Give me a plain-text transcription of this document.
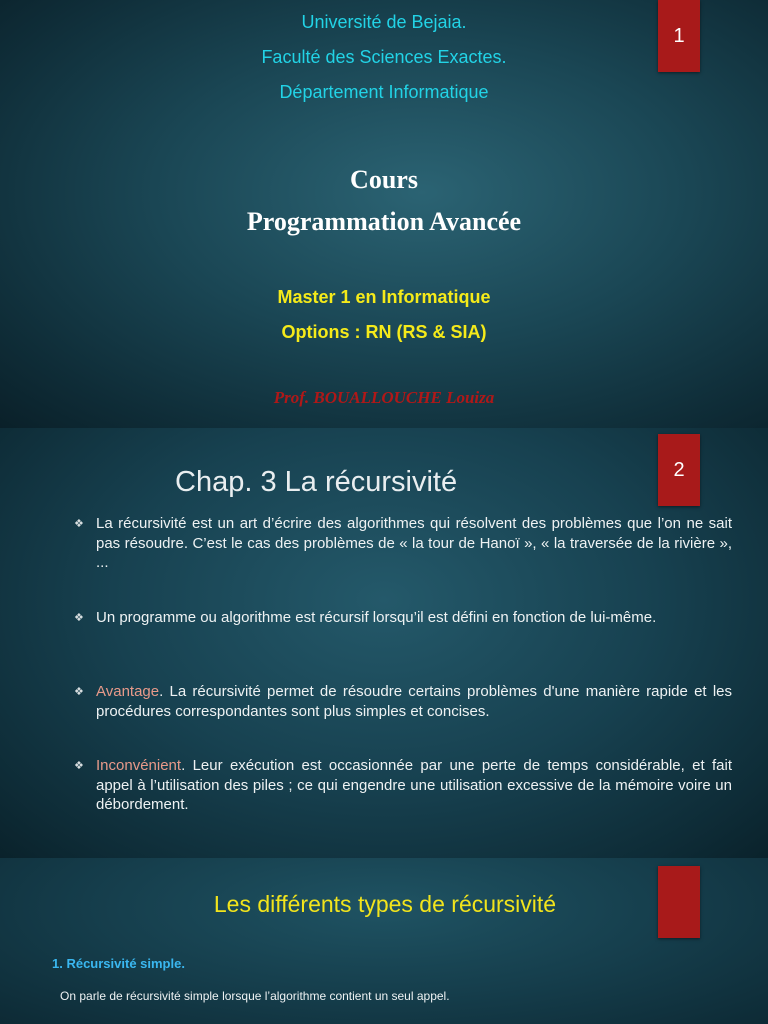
1
Université de Bejaia.
Faculté des Sciences Exactes.
Département Informatique
Cours
Programmation Avancée
Master 1 en Informatique
Options : RN (RS & SIA)
Prof. BOUALLOUCHE Louiza
2
Chap. 3 La récursivité
❖ La récursivité est un art d’écrire des algorithmes qui résolvent des problèmes que l’on ne sait pas résoudre. C’est le cas des problèmes de « la tour de Hanoï », « la traversée de la rivière », ...
❖ Un programme ou algorithme est récursif lorsqu’il est défini en fonction de lui-même.
❖ Avantage. La récursivité permet de résoudre certains problèmes d'une manière rapide et les procédures correspondantes sont plus simples et concises.
❖ Inconvénient. Leur exécution est occasionnée par une perte de temps considérable, et fait appel à l’utilisation des piles ; ce qui engendre une utilisation excessive de la mémoire voire un débordement.
Les différents types de récursivité
1. Récursivité simple.
On parle de récursivité simple lorsque l’algorithme contient un seul appel.
